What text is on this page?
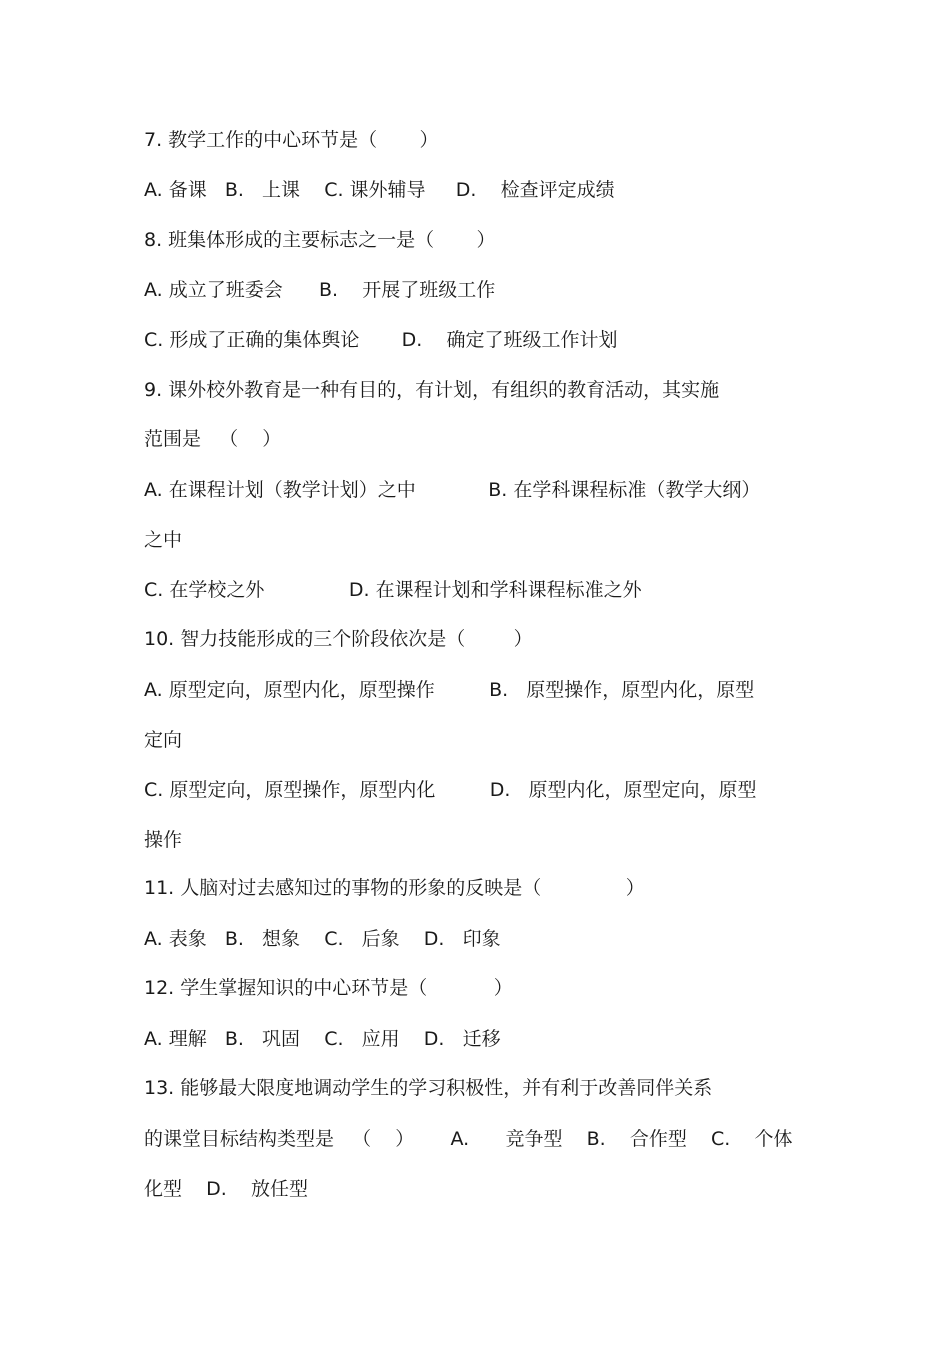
7. 教学工作的中心环节是（       ）
A. 备课   B.   上课    C. 课外辅导     D.    检查评定成绩
8. 班集体形成的主要标志之一是（       ）
A. 成立了班委会      B.    开展了班级工作
C. 形成了正确的集体舆论       D.    确定了班级工作计划
9. 课外校外教育是一种有目的，有计划，有组织的教育活动，其实施
范围是   （    ）
A. 在课程计划（教学计划）之中            B. 在学科课程标准（教学大纲）
之中
C. 在学校之外              D. 在课程计划和学科课程标准之外
10. 智力技能形成的三个阶段依次是（        ）
A. 原型定向，原型内化，原型操作         B.   原型操作，原型内化，原型
定向
C. 原型定向，原型操作，原型内化         D.   原型内化，原型定向，原型
操作
11. 人脑对过去感知过的事物的形象的反映是（              ）
A. 表象   B.   想象    C.   后象    D.   印象
12. 学生掌握知识的中心环节是（           ）
A. 理解   B.   巩固    C.   应用    D.   迁移
13. 能够最大限度地调动学生的学习积极性，并有利于改善同伴关系
的课堂目标结构类型是   （    ）      A.      竞争型    B.    合作型    C.    个体
化型    D.    放任型
